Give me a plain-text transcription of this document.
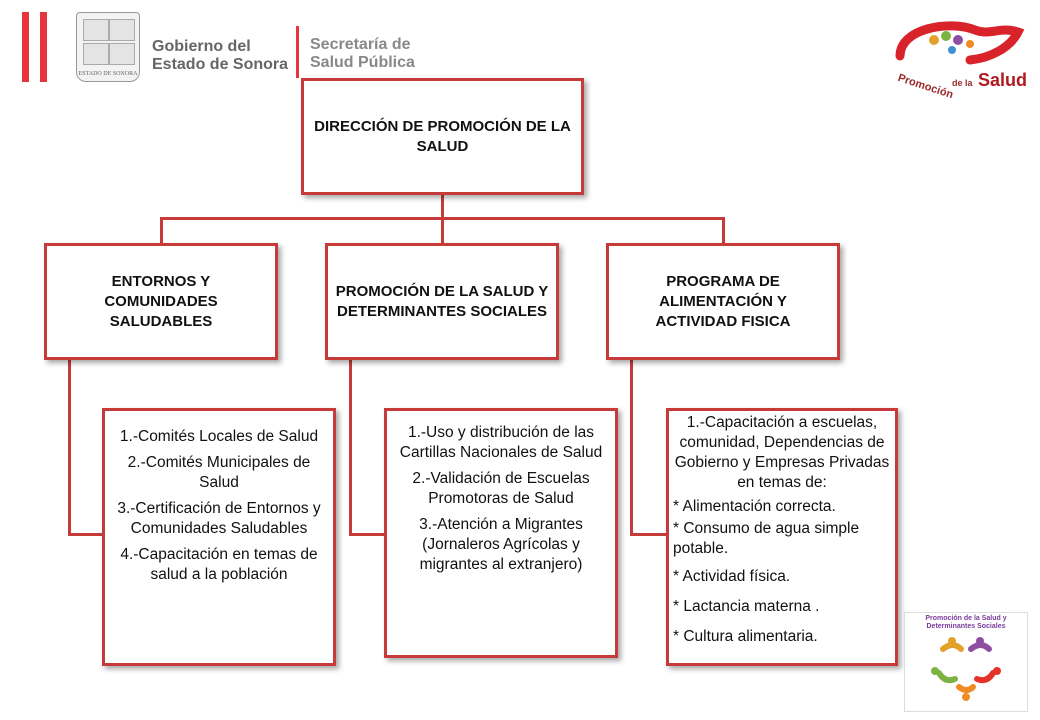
ESTADO DE SONORA
Gobierno del
Estado de Sonora
Secretaría de
Salud Pública
Promoción
de la Salud
DIRECCIÓN DE PROMOCIÓN DE LA SALUD
ENTORNOS Y COMUNIDADES SALUDABLES
PROMOCIÓN DE LA SALUD Y DETERMINANTES SOCIALES
PROGRAMA DE ALIMENTACIÓN Y ACTIVIDAD FISICA
1.-Comités Locales de Salud
2.-Comités Municipales de Salud
3.-Certificación de Entornos y Comunidades Saludables
4.-Capacitación en temas de salud a la población
1.-Uso y distribución de las Cartillas Nacionales de Salud
2.-Validación de Escuelas Promotoras de Salud
3.-Atención a Migrantes (Jornaleros Agrícolas y migrantes al extranjero)
1.-Capacitación a escuelas, comunidad, Dependencias de Gobierno y Empresas Privadas en temas de:
* Alimentación correcta.
* Consumo de agua simple potable.
* Actividad física.
* Lactancia materna .
* Cultura alimentaria.
Promoción de la Salud y Determinantes Sociales
